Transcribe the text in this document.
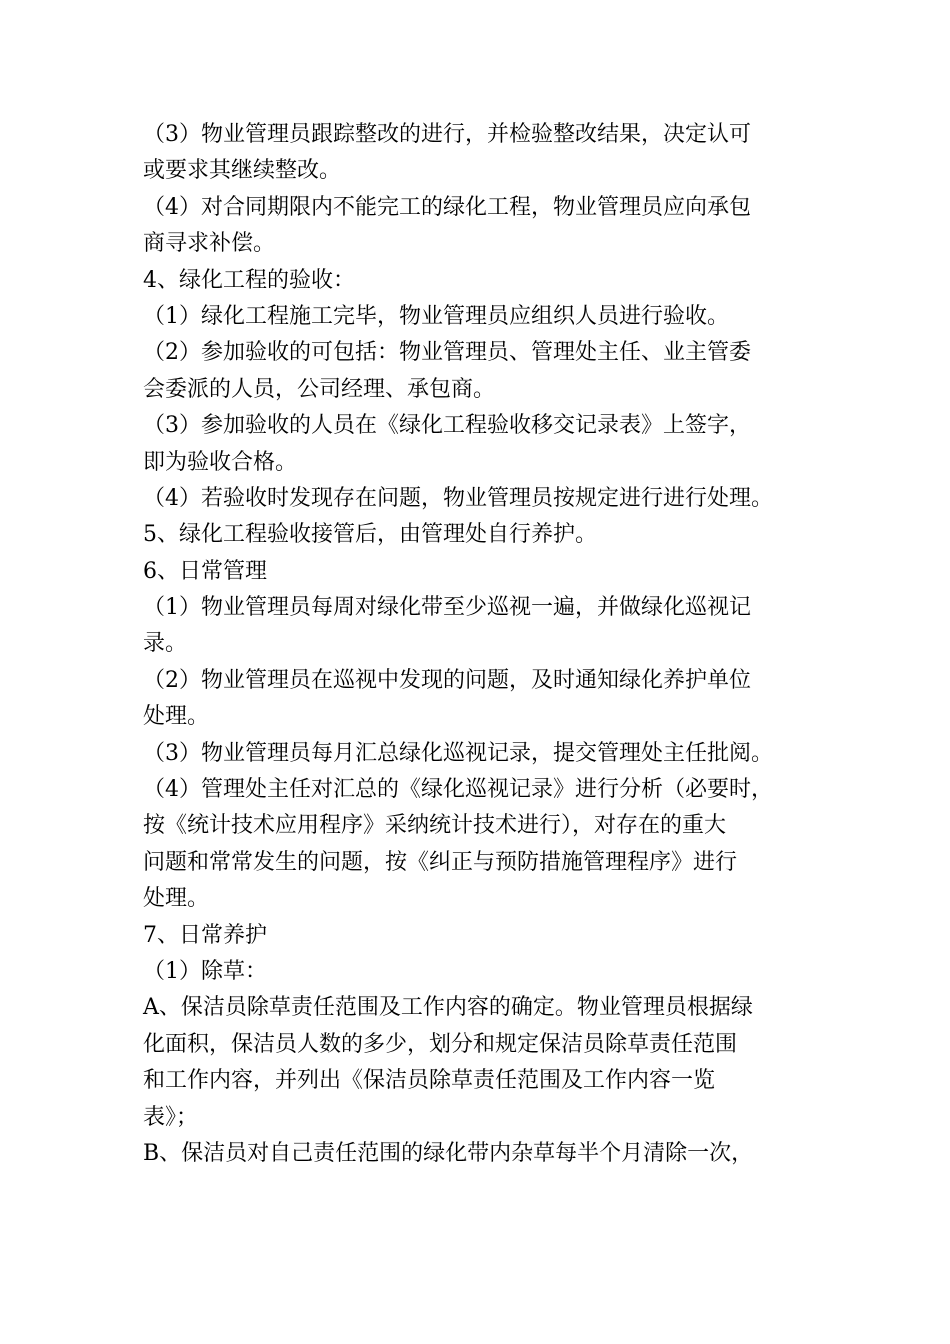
（3）物业管理员跟踪整改的进行，并检验整改结果，决定认可
或要求其继续整改。
（4）对合同期限内不能完工的绿化工程，物业管理员应向承包
商寻求补偿。
4、绿化工程的验收：
（1）绿化工程施工完毕，物业管理员应组织人员进行验收。
（2）参加验收的可包括：物业管理员、管理处主任、业主管委
会委派的人员，公司经理、承包商。
（3）参加验收的人员在《绿化工程验收移交记录表》上签字，
即为验收合格。
（4）若验收时发现存在问题，物业管理员按规定进行进行处理。
5、绿化工程验收接管后，由管理处自行养护。
6、日常管理
（1）物业管理员每周对绿化带至少巡视一遍，并做绿化巡视记
录。
（2）物业管理员在巡视中发现的问题，及时通知绿化养护单位
处理。
（3）物业管理员每月汇总绿化巡视记录，提交管理处主任批阅。
（4）管理处主任对汇总的《绿化巡视记录》进行分析（必要时，
按《统计技术应用程序》采纳统计技术进行），对存在的重大
问题和常常发生的问题，按《纠正与预防措施管理程序》进行
处理。
7、日常养护
（1）除草：
A、保洁员除草责任范围及工作内容的确定。物业管理员根据绿
化面积，保洁员人数的多少，划分和规定保洁员除草责任范围
和工作内容，并列出《保洁员除草责任范围及工作内容一览
表》；
B、保洁员对自己责任范围的绿化带内杂草每半个月清除一次，
